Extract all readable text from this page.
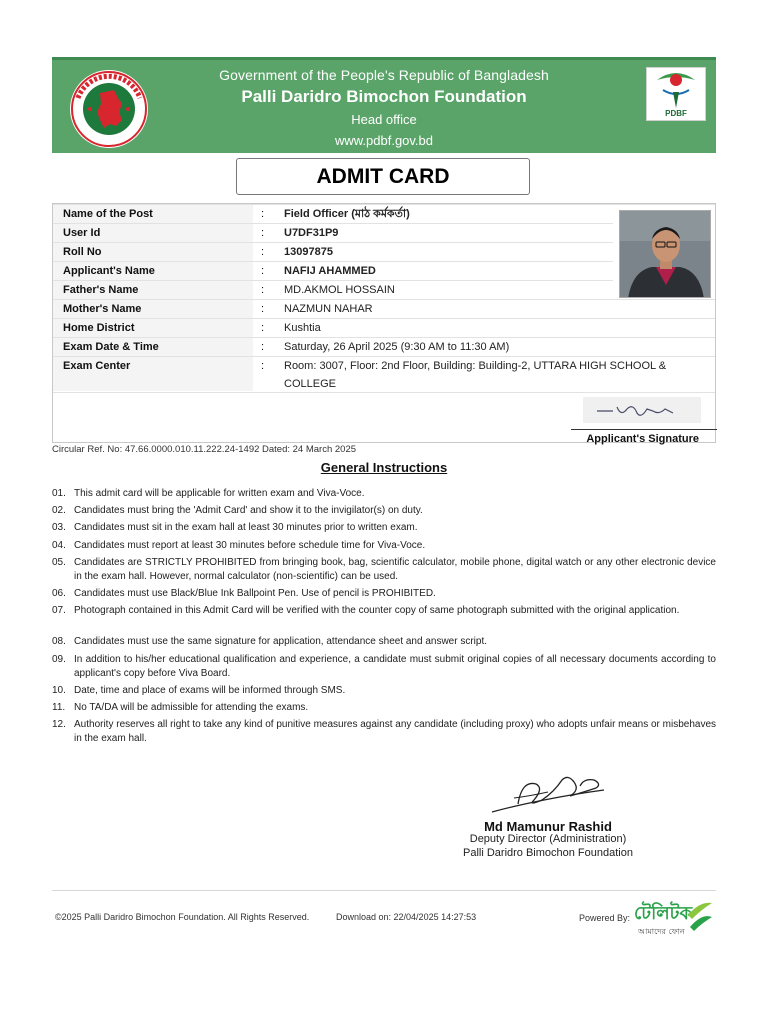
Government of the People's Republic of Bangladesh
Palli Daridro Bimochon Foundation
Head office
www.pdbf.gov.bd
PDBF
ADMIT CARD
Name of the Post	: Field Officer (মাঠ কর্মকর্তা)
User Id	: U7DF31P9
Roll No	: 13097875
Applicant's Name	: NAFIJ AHAMMED
Father's Name	: MD.AKMOL HOSSAIN
Mother's Name	: NAZMUN NAHAR
Home District	: Kushtia
Exam Date & Time	: Saturday, 26 April 2025 (9:30 AM to 11:30 AM)
Exam Center	: Room: 3007, Floor: 2nd Floor, Building: Building-2, UTTARA HIGH SCHOOL & COLLEGE
Applicant's Signature
Circular Ref. No: 47.66.0000.010.11.222.24-1492 Dated: 24 March 2025
General Instructions
01. This admit card will be applicable for written exam and Viva-Voce.
02. Candidates must bring the 'Admit Card' and show it to the invigilator(s) on duty.
03. Candidates must sit in the exam hall at least 30 minutes prior to written exam.
04. Candidates must report at least 30 minutes before schedule time for Viva-Voce.
05. Candidates are STRICTLY PROHIBITED from bringing book, bag, scientific calculator, mobile phone, digital watch or any other electronic device in the exam hall. However, normal calculator (non-scientific) can be used.
06. Candidates must use Black/Blue Ink Ballpoint Pen. Use of pencil is PROHIBITED.
07. Photograph contained in this Admit Card will be verified with the counter copy of same photograph submitted with the original application.
08. Candidates must use the same signature for application, attendance sheet and answer script.
09. In addition to his/her educational qualification and experience, a candidate must submit original copies of all necessary documents according to applicant's copy before Viva Board.
10. Date, time and place of exams will be informed through SMS.
11. No TA/DA will be admissible for attending the exams.
12. Authority reserves all right to take any kind of punitive measures against any candidate (including proxy) who adopts unfair means or misbehaves in the exam hall.
Md Mamunur Rashid
Deputy Director (Administration)
Palli Daridro Bimochon Foundation
©2025 Palli Daridro Bimochon Foundation. All Rights Reserved.	Download on: 22/04/2025 14:27:53	Powered By: টেলিটক
আমাদের ফোন
